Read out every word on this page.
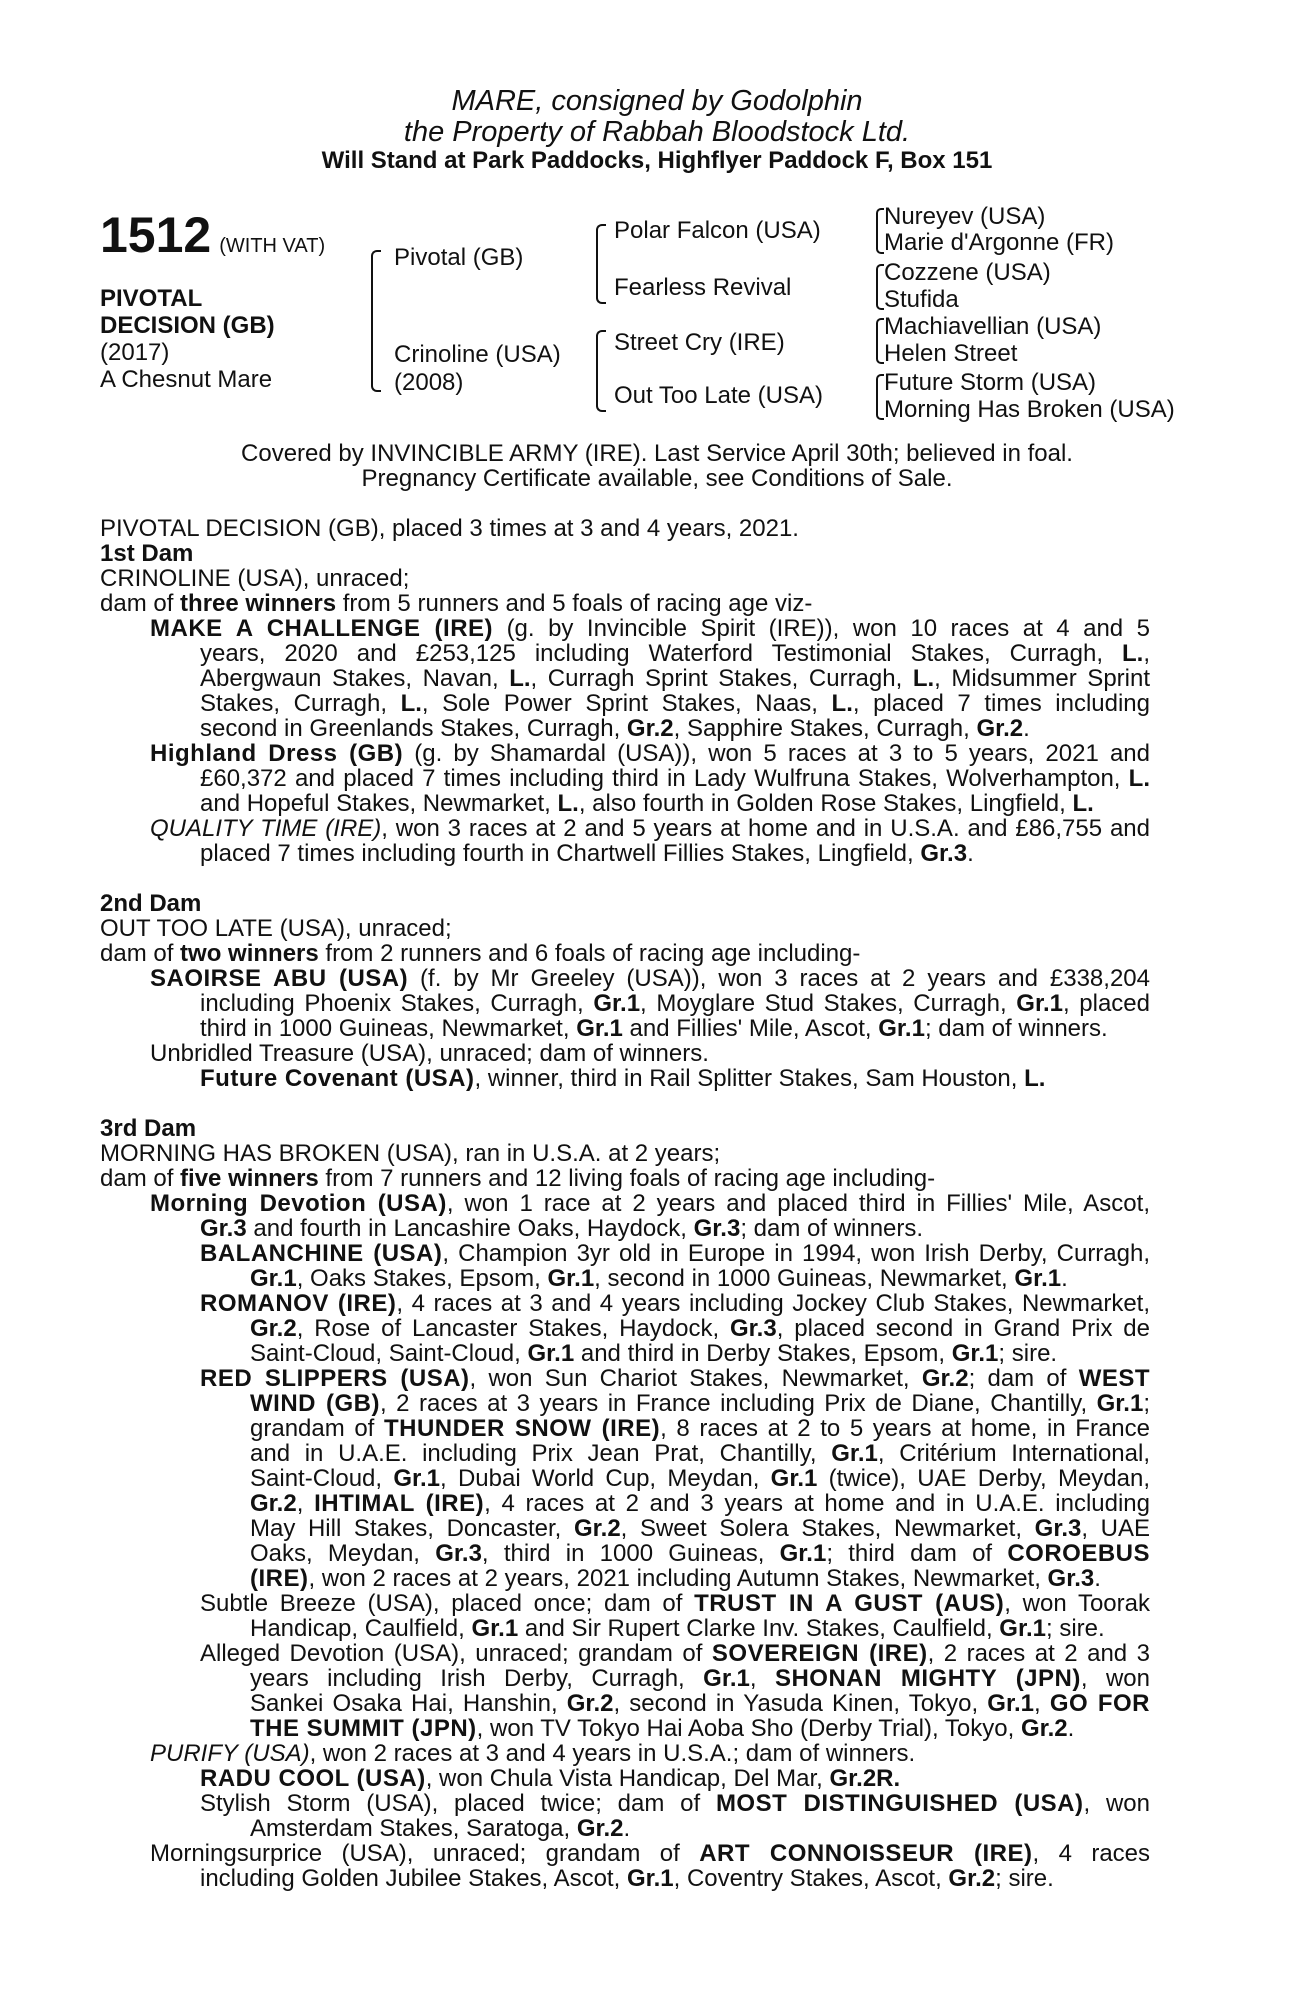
MARE, consigned by Godolphin
the Property of Rabbah Bloodstock Ltd.
Will Stand at Park Paddocks, Highflyer Paddock F, Box 151
1512 (WITH VAT)
PIVOTAL
DECISION (GB)
(2017)
A Chesnut Mare
Pivotal (GB)
Crinoline (USA)
(2008)
Polar Falcon (USA)
Fearless Revival
Street Cry (IRE)
Out Too Late (USA)
Nureyev (USA)
Marie d'Argonne (FR)
Cozzene (USA)
Stufida
Machiavellian (USA)
Helen Street
Future Storm (USA)
Morning Has Broken (USA)
Covered by INVINCIBLE ARMY (IRE). Last Service April 30th; believed in foal.
Pregnancy Certificate available, see Conditions of Sale.
PIVOTAL DECISION (GB), placed 3 times at 3 and 4 years, 2021.
1st Dam
CRINOLINE (USA), unraced;
dam of three winners from 5 runners and 5 foals of racing age viz-
MAKE A CHALLENGE (IRE) (g. by Invincible Spirit (IRE)), won 10 races at 4 and 5
years, 2020 and £253,125 including Waterford Testimonial Stakes, Curragh, L.,
Abergwaun Stakes, Navan, L., Curragh Sprint Stakes, Curragh, L., Midsummer Sprint
Stakes, Curragh, L., Sole Power Sprint Stakes, Naas, L., placed 7 times including
second in Greenlands Stakes, Curragh, Gr.2, Sapphire Stakes, Curragh, Gr.2.
Highland Dress (GB) (g. by Shamardal (USA)), won 5 races at 3 to 5 years, 2021 and
£60,372 and placed 7 times including third in Lady Wulfruna Stakes, Wolverhampton, L.
and Hopeful Stakes, Newmarket, L., also fourth in Golden Rose Stakes, Lingfield, L.
QUALITY TIME (IRE), won 3 races at 2 and 5 years at home and in U.S.A. and £86,755 and
placed 7 times including fourth in Chartwell Fillies Stakes, Lingfield, Gr.3.
2nd Dam
OUT TOO LATE (USA), unraced;
dam of two winners from 2 runners and 6 foals of racing age including-
SAOIRSE ABU (USA) (f. by Mr Greeley (USA)), won 3 races at 2 years and £338,204
including Phoenix Stakes, Curragh, Gr.1, Moyglare Stud Stakes, Curragh, Gr.1, placed
third in 1000 Guineas, Newmarket, Gr.1 and Fillies' Mile, Ascot, Gr.1; dam of winners.
Unbridled Treasure (USA), unraced; dam of winners.
Future Covenant (USA), winner, third in Rail Splitter Stakes, Sam Houston, L.
3rd Dam
MORNING HAS BROKEN (USA), ran in U.S.A. at 2 years;
dam of five winners from 7 runners and 12 living foals of racing age including-
Morning Devotion (USA), won 1 race at 2 years and placed third in Fillies' Mile, Ascot,
Gr.3 and fourth in Lancashire Oaks, Haydock, Gr.3; dam of winners.
BALANCHINE (USA), Champion 3yr old in Europe in 1994, won Irish Derby, Curragh,
Gr.1, Oaks Stakes, Epsom, Gr.1, second in 1000 Guineas, Newmarket, Gr.1.
ROMANOV (IRE), 4 races at 3 and 4 years including Jockey Club Stakes, Newmarket,
Gr.2, Rose of Lancaster Stakes, Haydock, Gr.3, placed second in Grand Prix de
Saint-Cloud, Saint-Cloud, Gr.1 and third in Derby Stakes, Epsom, Gr.1; sire.
RED SLIPPERS (USA), won Sun Chariot Stakes, Newmarket, Gr.2; dam of WEST
WIND (GB), 2 races at 3 years in France including Prix de Diane, Chantilly, Gr.1;
grandam of THUNDER SNOW (IRE), 8 races at 2 to 5 years at home, in France
and in U.A.E. including Prix Jean Prat, Chantilly, Gr.1, Critérium International,
Saint-Cloud, Gr.1, Dubai World Cup, Meydan, Gr.1 (twice), UAE Derby, Meydan,
Gr.2, IHTIMAL (IRE), 4 races at 2 and 3 years at home and in U.A.E. including
May Hill Stakes, Doncaster, Gr.2, Sweet Solera Stakes, Newmarket, Gr.3, UAE
Oaks, Meydan, Gr.3, third in 1000 Guineas, Gr.1; third dam of COROEBUS
(IRE), won 2 races at 2 years, 2021 including Autumn Stakes, Newmarket, Gr.3.
Subtle Breeze (USA), placed once; dam of TRUST IN A GUST (AUS), won Toorak
Handicap, Caulfield, Gr.1 and Sir Rupert Clarke Inv. Stakes, Caulfield, Gr.1; sire.
Alleged Devotion (USA), unraced; grandam of SOVEREIGN (IRE), 2 races at 2 and 3
years including Irish Derby, Curragh, Gr.1, SHONAN MIGHTY (JPN), won
Sankei Osaka Hai, Hanshin, Gr.2, second in Yasuda Kinen, Tokyo, Gr.1, GO FOR
THE SUMMIT (JPN), won TV Tokyo Hai Aoba Sho (Derby Trial), Tokyo, Gr.2.
PURIFY (USA), won 2 races at 3 and 4 years in U.S.A.; dam of winners.
RADU COOL (USA), won Chula Vista Handicap, Del Mar, Gr.2R.
Stylish Storm (USA), placed twice; dam of MOST DISTINGUISHED (USA), won
Amsterdam Stakes, Saratoga, Gr.2.
Morningsurprice (USA), unraced; grandam of ART CONNOISSEUR (IRE), 4 races
including Golden Jubilee Stakes, Ascot, Gr.1, Coventry Stakes, Ascot, Gr.2; sire.
